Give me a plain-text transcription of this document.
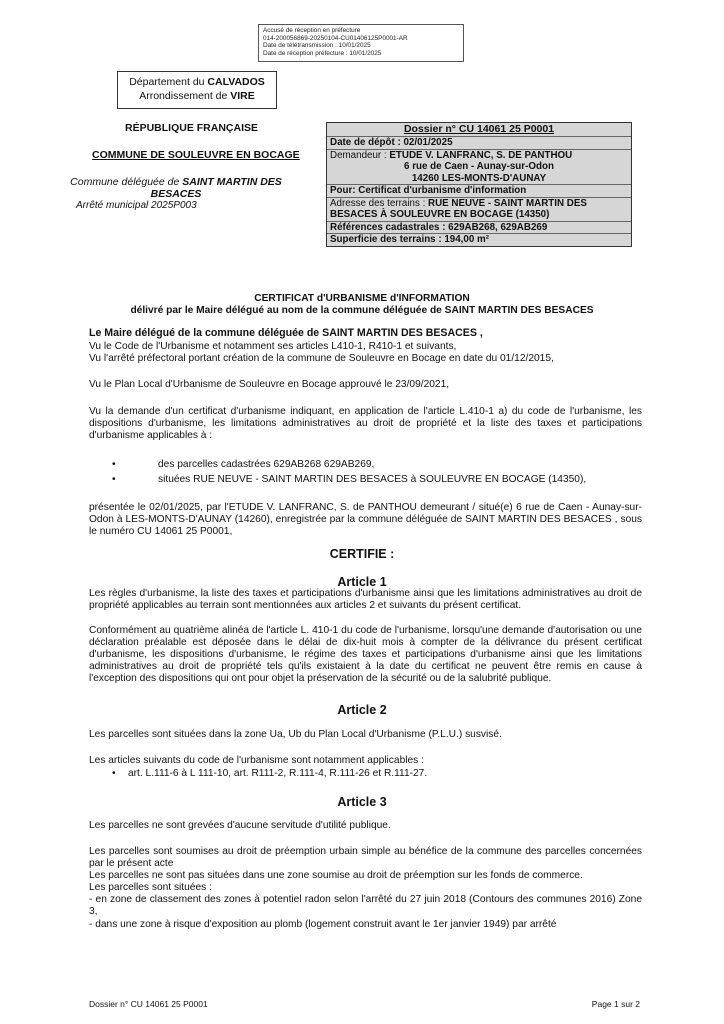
Accusé de réception en préfecture
014-200056869-20250104-CU01406125P0001-AR
Date de télétransmission : 10/01/2025
Date de réception préfecture : 10/01/2025
Département du CALVADOS
Arrondissement de VIRE
RÉPUBLIQUE FRANÇAISE
COMMUNE DE SOULEUVRE EN BOCAGE
Commune déléguée de SAINT MARTIN DES BESACES
Arrêté municipal 2025P003
Dossier n° CU 14061 25 P0001
Date de dépôt : 02/01/2025
Demandeur : ETUDE V. LANFRANC, S. DE PANTHOU
6 rue de Caen - Aunay-sur-Odon
14260 LES-MONTS-D'AUNAY
Pour: Certificat d'urbanisme d'information
Adresse des terrains : RUE NEUVE - SAINT MARTIN DES BESACES À SOULEUVRE EN BOCAGE (14350)
Références cadastrales : 629AB268, 629AB269
Superficie des terrains : 194,00 m²
CERTIFICAT d'URBANISME d'INFORMATION
délivré par le Maire délégué au nom de la commune déléguée de SAINT MARTIN DES BESACES
Le Maire délégué de la commune déléguée de SAINT MARTIN DES BESACES ,
Vu le Code de l'Urbanisme et notamment ses articles L410-1, R410-1 et suivants,
Vu l'arrêté préfectoral portant création de la commune de Souleuvre en Bocage en date du 01/12/2015,
Vu le Plan Local d'Urbanisme de Souleuvre en Bocage approuvé le 23/09/2021,
Vu la demande d'un certificat d'urbanisme indiquant, en application de l'article L.410-1 a) du code de l'urbanisme, les dispositions d'urbanisme, les limitations administratives au droit de propriété et la liste des taxes et participations d'urbanisme applicables à :
•	des parcelles cadastrées 629AB268 629AB269,
•	situées RUE NEUVE - SAINT MARTIN DES BESACES à SOULEUVRE EN BOCAGE (14350),
présentée le 02/01/2025, par l'ETUDE V. LANFRANC, S. de PANTHOU demeurant / situé(e) 6 rue de Caen - Aunay-sur-Odon à LES-MONTS-D'AUNAY (14260), enregistrée par la commune déléguée de SAINT MARTIN DES BESACES , sous le numéro CU 14061 25 P0001,
CERTIFIE :
Article 1
Les règles d'urbanisme, la liste des taxes et participations d'urbanisme ainsi que les limitations administratives au droit de propriété applicables au terrain sont mentionnées aux articles 2 et suivants du présent certificat.
Conformément au quatrième alinéa de l'article L. 410-1 du code de l'urbanisme, lorsqu'une demande d'autorisation ou une déclaration préalable est déposée dans le délai de dix-huit mois à compter de la délivrance du présent certificat d'urbanisme, les dispositions d'urbanisme, le régime des taxes et participations d'urbanisme ainsi que les limitations administratives au droit de propriété tels qu'ils existaient à la date du certificat ne peuvent être remis en cause à l'exception des dispositions qui ont pour objet la préservation de la sécurité ou de la salubrité publique.
Article 2
Les parcelles sont situées dans la zone Ua, Ub du Plan Local d'Urbanisme (P.L.U.) susvisé.
Les articles suivants du code de l'urbanisme sont notamment applicables :
• art. L.111-6 à L 111-10, art. R111-2, R.111-4, R.111-26 et R.111-27.
Article 3
Les parcelles ne sont grevées d'aucune servitude d'utilité publique.
Les parcelles sont soumises au droit de préemption urbain simple au bénéfice de la commune des parcelles concernées par le présent acte
Les parcelles ne sont pas situées dans une zone soumise au droit de préemption sur les fonds de commerce.
Les parcelles sont situées :
- en zone de classement des zones à potentiel radon selon l'arrêté du 27 juin 2018 (Contours des communes 2016) Zone 3,
- dans une zone à risque d'exposition au plomb (logement construit avant le 1er janvier 1949) par arrêté
Dossier n° CU 14061 25 P0001	Page 1 sur 2
